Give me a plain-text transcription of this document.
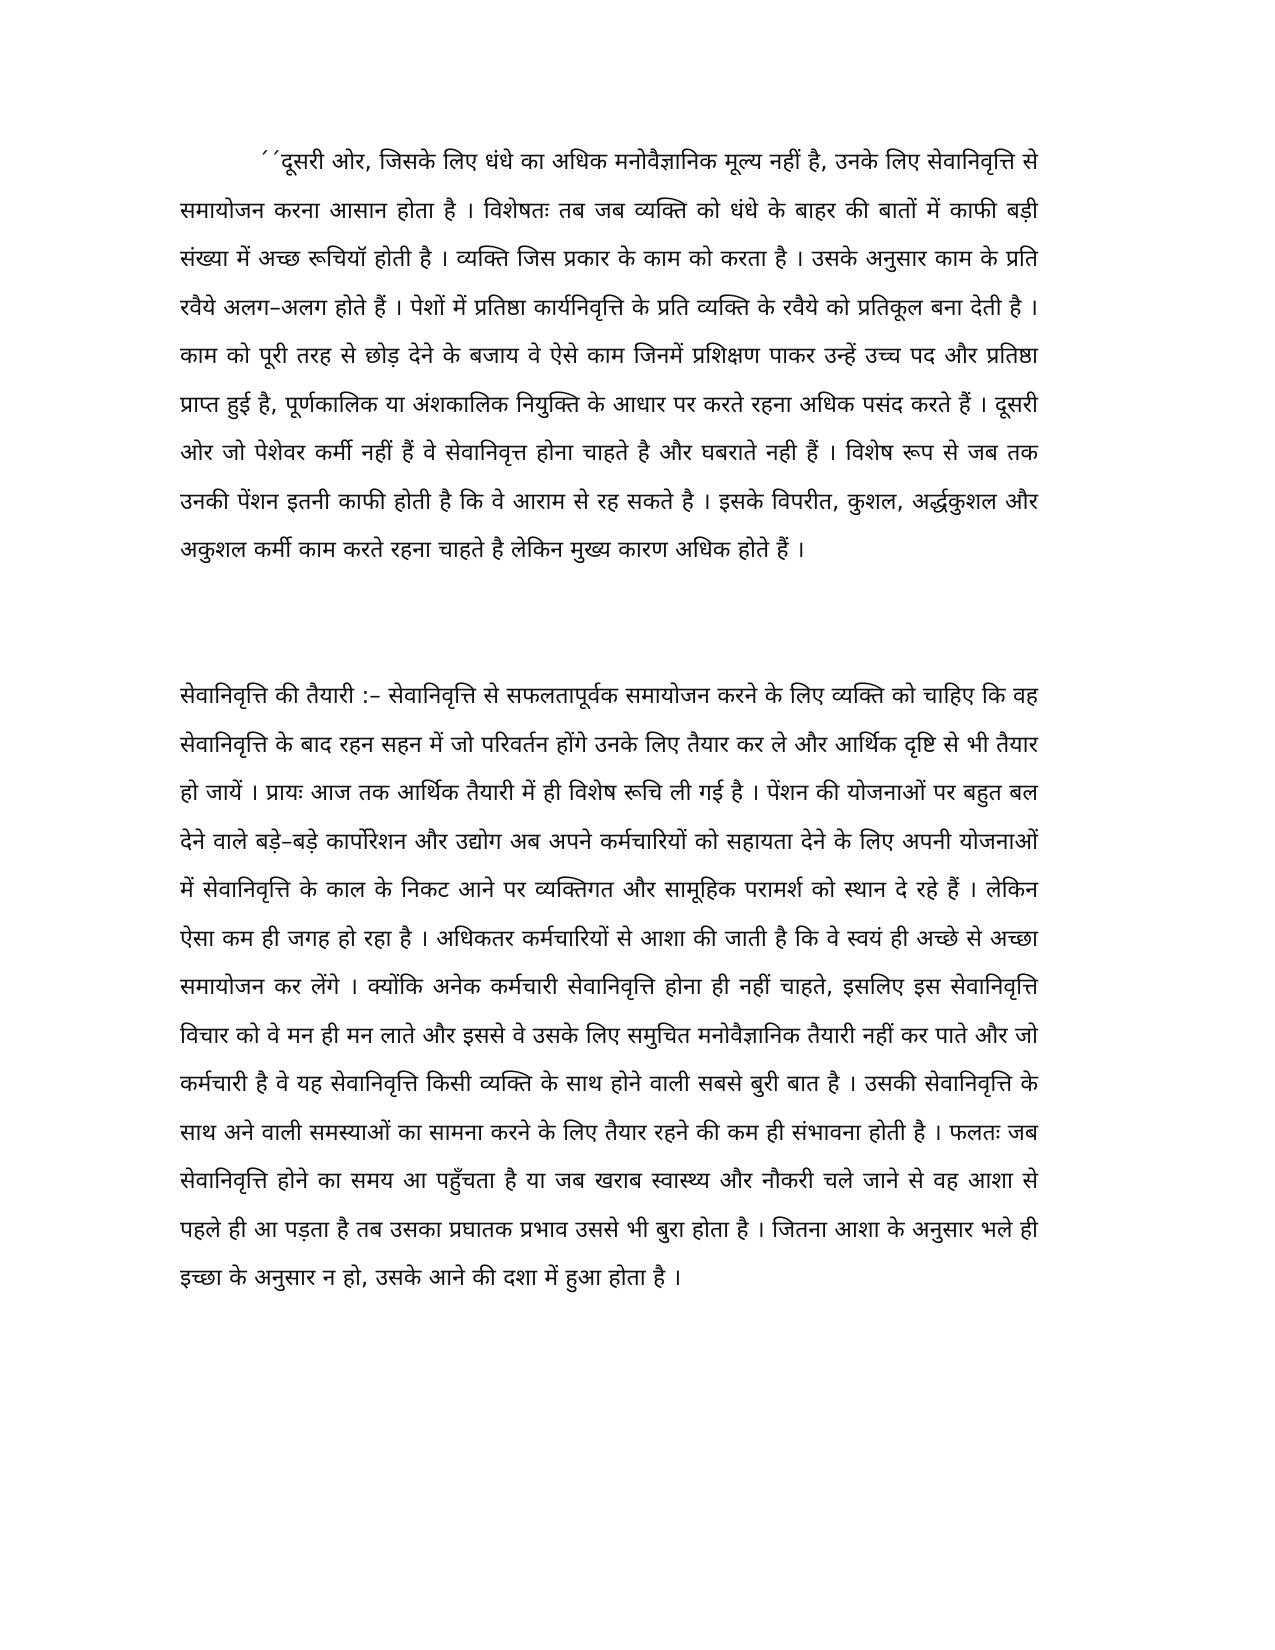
´´दूसरी ओर, जिसके लिए धंधे का अधिक मनोवैज्ञानिक मूल्य नहीं है, उनके लिए सेवानिवृत्ति से समायोजन करना आसान होता है । विशेषतः तब जब व्यक्ति को धंधे के बाहर की बातों में काफी बड़ी संख्या में अच्छ रूचियॉ होती है । व्यक्ति जिस प्रकार के काम को करता है । उसके अनुसार काम के प्रति रवैये अलग–अलग होते हैं । पेशों में प्रतिष्ठा कार्यनिवृत्ति के प्रति व्यक्ति के रवैये को प्रतिकूल बना देती है । काम को पूरी तरह से छोड़ देने के बजाय वे ऐसे काम जिनमें प्रशिक्षण पाकर उन्हें उच्च पद और प्रतिष्ठा प्राप्त हुई है, पूर्णकालिक या अंशकालिक नियुक्ति के आधार पर करते रहना अधिक पसंद करते हैं । दूसरी ओर जो पेशेवर कर्मी नहीं हैं वे सेवानिवृत्त होना चाहते है और घबराते नही हैं । विशेष रूप से जब तक उनकी पेंशन इतनी काफी होती है कि वे आराम से रह सकते है । इसके विपरीत, कुशल, अर्द्धकुशल और अकुशल कर्मी काम करते रहना चाहते है लेकिन मुख्य कारण अधिक होते हैं ।

सेवानिवृत्ति की तैयारी :– सेवानिवृत्ति से सफलतापूर्वक समायोजन करने के लिए व्यक्ति को चाहिए कि वह सेवानिवृत्ति के बाद रहन सहन में जो परिवर्तन होंगे उनके लिए तैयार कर ले और आर्थिक दृष्टि से भी तैयार हो जायें । प्रायः आज तक आर्थिक तैयारी में ही विशेष रूचि ली गई है । पेंशन की योजनाओं पर बहुत बल देने वाले बड़े–बड़े कार्पोरेशन और उद्योग अब अपने कर्मचारियों को सहायता देने के लिए अपनी योजनाओं में सेवानिवृत्ति के काल के निकट आने पर व्यक्तिगत और सामूहिक परामर्श को स्थान दे रहे हैं । लेकिन ऐसा कम ही जगह हो रहा है । अधिकतर कर्मचारियों से आशा की जाती है कि वे स्वयं ही अच्छे से अच्छा समायोजन कर लेंगे । क्योंकि अनेक कर्मचारी सेवानिवृत्ति होना ही नहीं चाहते, इसलिए इस सेवानिवृत्ति विचार को वे मन ही मन लाते और इससे वे उसके लिए समुचित मनोवैज्ञानिक तैयारी नहीं कर पाते और जो कर्मचारी है वे यह सेवानिवृत्ति किसी व्यक्ति के साथ होने वाली सबसे बुरी बात है । उसकी सेवानिवृत्ति के साथ अने वाली समस्याओं का सामना करने के लिए तैयार रहने की कम ही संभावना होती है । फलतः जब सेवानिवृत्ति होने का समय आ पहुँचता है या जब खराब स्वास्थ्य और नौकरी चले जाने से वह आशा से पहले ही आ पड़ता है तब उसका प्रघातक प्रभाव उससे भी बुरा होता है । जितना आशा के अनुसार भले ही इच्छा के अनुसार न हो, उसके आने की दशा में हुआ होता है ।
